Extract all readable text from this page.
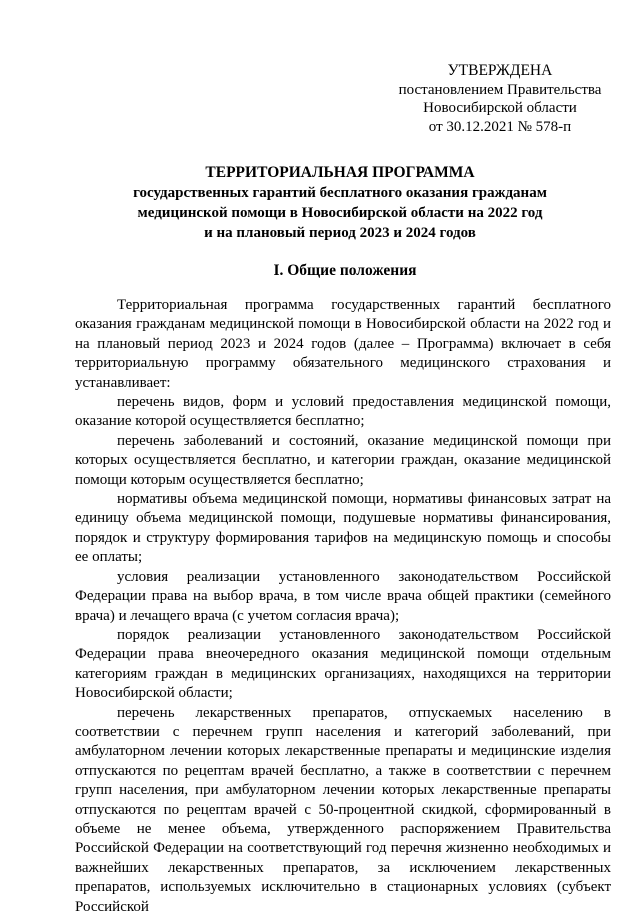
УТВЕРЖДЕНА
постановлением Правительства
Новосибирской области
от 30.12.2021 № 578-п
ТЕРРИТОРИАЛЬНАЯ ПРОГРАММА
государственных гарантий бесплатного оказания гражданам
медицинской помощи в Новосибирской области на 2022 год
и на плановый период 2023 и 2024 годов
I. Общие положения

Территориальная программа государственных гарантий бесплатного оказания гражданам медицинской помощи в Новосибирской области на 2022 год и на плановый период 2023 и 2024 годов (далее – Программа) включает в себя территориальную программу обязательного медицинского страхования и устанавливает:

перечень видов, форм и условий предоставления медицинской помощи, оказание которой осуществляется бесплатно;

перечень заболеваний и состояний, оказание медицинской помощи при которых осуществляется бесплатно, и категории граждан, оказание медицинской помощи которым осуществляется бесплатно;

нормативы объема медицинской помощи, нормативы финансовых затрат на единицу объема медицинской помощи, подушевые нормативы финансирования, порядок и структуру формирования тарифов на медицинскую помощь и способы ее оплаты;

условия реализации установленного законодательством Российской Федерации права на выбор врача, в том числе врача общей практики (семейного врача) и лечащего врача (с учетом согласия врача);

порядок реализации установленного законодательством Российской Федерации права внеочередного оказания медицинской помощи отдельным категориям граждан в медицинских организациях, находящихся на территории Новосибирской области;

перечень лекарственных препаратов, отпускаемых населению в соответствии с перечнем групп населения и категорий заболеваний, при амбулаторном лечении которых лекарственные препараты и медицинские изделия отпускаются по рецептам врачей бесплатно, а также в соответствии с перечнем групп населения, при амбулаторном лечении которых лекарственные препараты отпускаются по рецептам врачей с 50-процентной скидкой, сформированный в объеме не менее объема, утвержденного распоряжением Правительства Российской Федерации на соответствующий год перечня жизненно необходимых и важнейших лекарственных препаратов, за исключением лекарственных препаратов, используемых исключительно в стационарных условиях (субъект Российской
